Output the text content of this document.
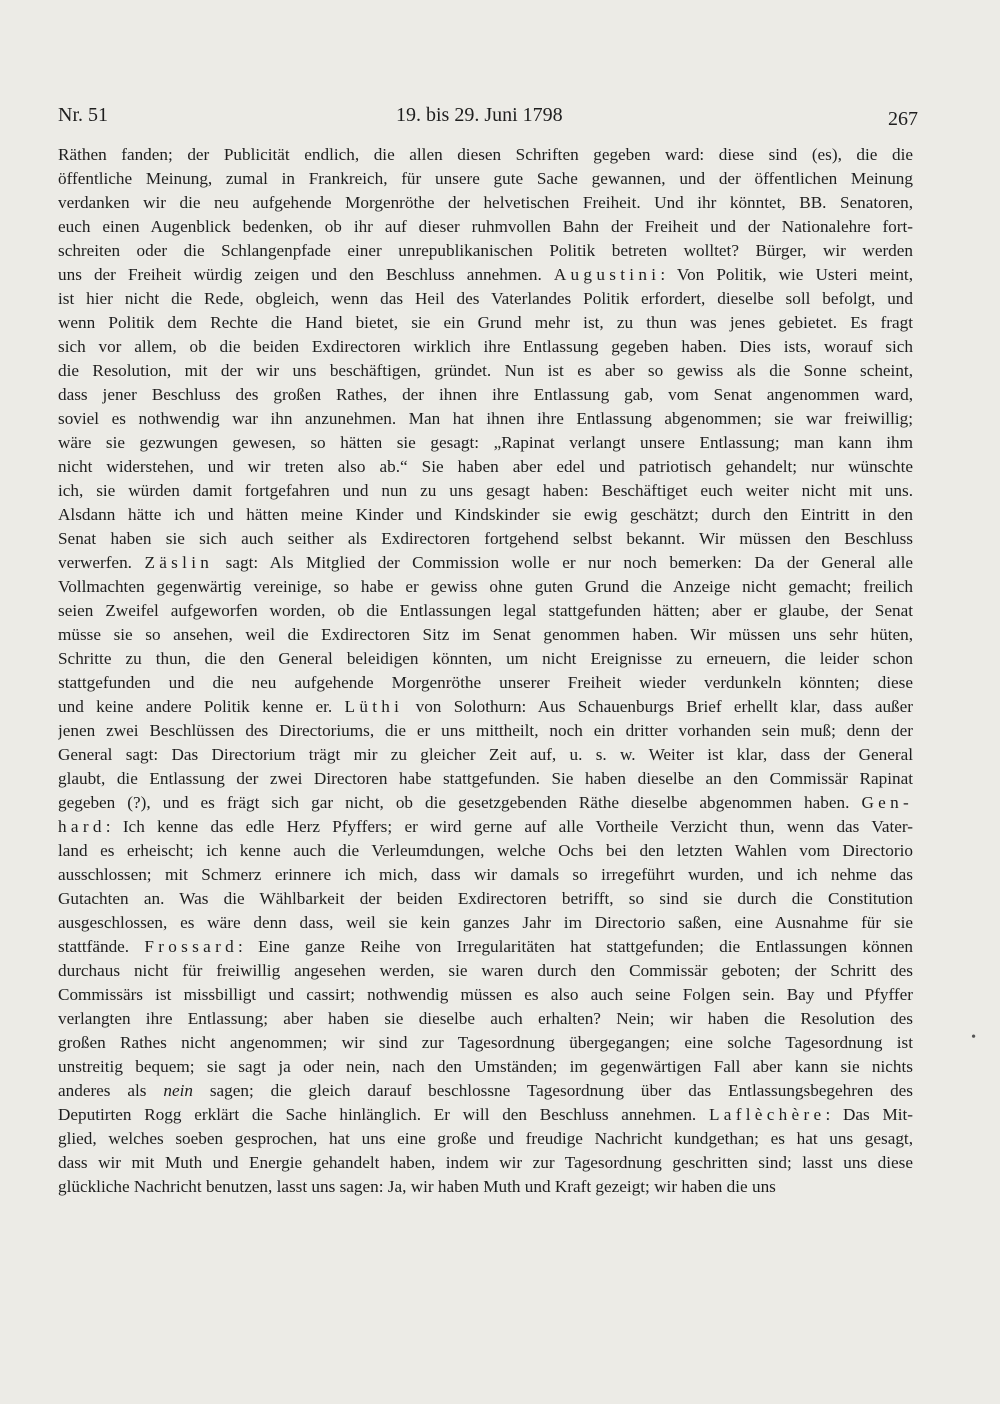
Nr. 51	19. bis 29. Juni 1798	267
Räthen fanden; der Publicität endlich, die allen diesen Schriften gegeben ward: diese sind (es), die die
öffentliche Meinung, zumal in Frankreich, für unsere gute Sache gewannen, und der öffentlichen Meinung
verdanken wir die neu aufgehende Morgenröthe der helvetischen Freiheit. Und ihr könntet, BB. Senatoren,
euch einen Augenblick bedenken, ob ihr auf dieser ruhmvollen Bahn der Freiheit und der Nationalehre fort-
schreiten oder die Schlangenpfade einer unrepublikanischen Politik betreten wolltet? Bürger, wir werden
uns der Freiheit würdig zeigen und den Beschluss annehmen. Augustini: Von Politik, wie Usteri meint,
ist hier nicht die Rede, obgleich, wenn das Heil des Vaterlandes Politik erfordert, dieselbe soll befolgt, und
wenn Politik dem Rechte die Hand bietet, sie ein Grund mehr ist, zu thun was jenes gebietet. Es fragt
sich vor allem, ob die beiden Exdirectoren wirklich ihre Entlassung gegeben haben. Dies ists, worauf sich
die Resolution, mit der wir uns beschäftigen, gründet. Nun ist es aber so gewiss als die Sonne scheint,
dass jener Beschluss des großen Rathes, der ihnen ihre Entlassung gab, vom Senat angenommen ward,
soviel es nothwendig war ihn anzunehmen. Man hat ihnen ihre Entlassung abgenommen; sie war freiwillig;
wäre sie gezwungen gewesen, so hätten sie gesagt: „Rapinat verlangt unsere Entlassung; man kann ihm
nicht widerstehen, und wir treten also ab.“ Sie haben aber edel und patriotisch gehandelt; nur wünschte
ich, sie würden damit fortgefahren und nun zu uns gesagt haben: Beschäftiget euch weiter nicht mit uns.
Alsdann hätte ich und hätten meine Kinder und Kindskinder sie ewig geschätzt; durch den Eintritt in den
Senat haben sie sich auch seither als Exdirectoren fortgehend selbst bekannt. Wir müssen den Beschluss
verwerfen. Zäslin sagt: Als Mitglied der Commission wolle er nur noch bemerken: Da der General alle
Vollmachten gegenwärtig vereinige, so habe er gewiss ohne guten Grund die Anzeige nicht gemacht; freilich
seien Zweifel aufgeworfen worden, ob die Entlassungen legal stattgefunden hätten; aber er glaube, der Senat
müsse sie so ansehen, weil die Exdirectoren Sitz im Senat genommen haben. Wir müssen uns sehr hüten,
Schritte zu thun, die den General beleidigen könnten, um nicht Ereignisse zu erneuern, die leider schon
stattgefunden und die neu aufgehende Morgenröthe unserer Freiheit wieder verdunkeln könnten; diese
und keine andere Politik kenne er. Lüthi von Solothurn: Aus Schauenburgs Brief erhellt klar, dass außer
jenen zwei Beschlüssen des Directoriums, die er uns mittheilt, noch ein dritter vorhanden sein muß; denn der
General sagt: Das Directorium trägt mir zu gleicher Zeit auf, u. s. w. Weiter ist klar, dass der General
glaubt, die Entlassung der zwei Directoren habe stattgefunden. Sie haben dieselbe an den Commissär Rapinat
gegeben (?), und es frägt sich gar nicht, ob die gesetzgebenden Räthe dieselbe abgenommen haben. Gen-
hard: Ich kenne das edle Herz Pfyffers; er wird gerne auf alle Vortheile Verzicht thun, wenn das Vater-
land es erheischt; ich kenne auch die Verleumdungen, welche Ochs bei den letzten Wahlen vom Directorio
ausschlossen; mit Schmerz erinnere ich mich, dass wir damals so irregeführt wurden, und ich nehme das
Gutachten an. Was die Wählbarkeit der beiden Exdirectoren betrifft, so sind sie durch die Constitution
ausgeschlossen, es wäre denn dass, weil sie kein ganzes Jahr im Directorio saßen, eine Ausnahme für sie
stattfände. Frossard: Eine ganze Reihe von Irregularitäten hat stattgefunden; die Entlassungen können
durchaus nicht für freiwillig angesehen werden, sie waren durch den Commissär geboten; der Schritt des
Commissärs ist missbilligt und cassirt; nothwendig müssen es also auch seine Folgen sein. Bay und Pfyffer
verlangten ihre Entlassung; aber haben sie dieselbe auch erhalten? Nein; wir haben die Resolution des
großen Rathes nicht angenommen; wir sind zur Tagesordnung übergegangen; eine solche Tagesordnung ist
unstreitig bequem; sie sagt ja oder nein, nach den Umständen; im gegenwärtigen Fall aber kann sie nichts
anderes als nein sagen; die gleich darauf beschlossne Tagesordnung über das Entlassungsbegehren des
Deputirten Rogg erklärt die Sache hinlänglich. Er will den Beschluss annehmen. Laflèchère: Das Mit-
glied, welches soeben gesprochen, hat uns eine große und freudige Nachricht kundgethan; es hat uns gesagt,
dass wir mit Muth und Energie gehandelt haben, indem wir zur Tagesordnung geschritten sind; lasst uns diese
glückliche Nachricht benutzen, lasst uns sagen: Ja, wir haben Muth und Kraft gezeigt; wir haben die uns
•
